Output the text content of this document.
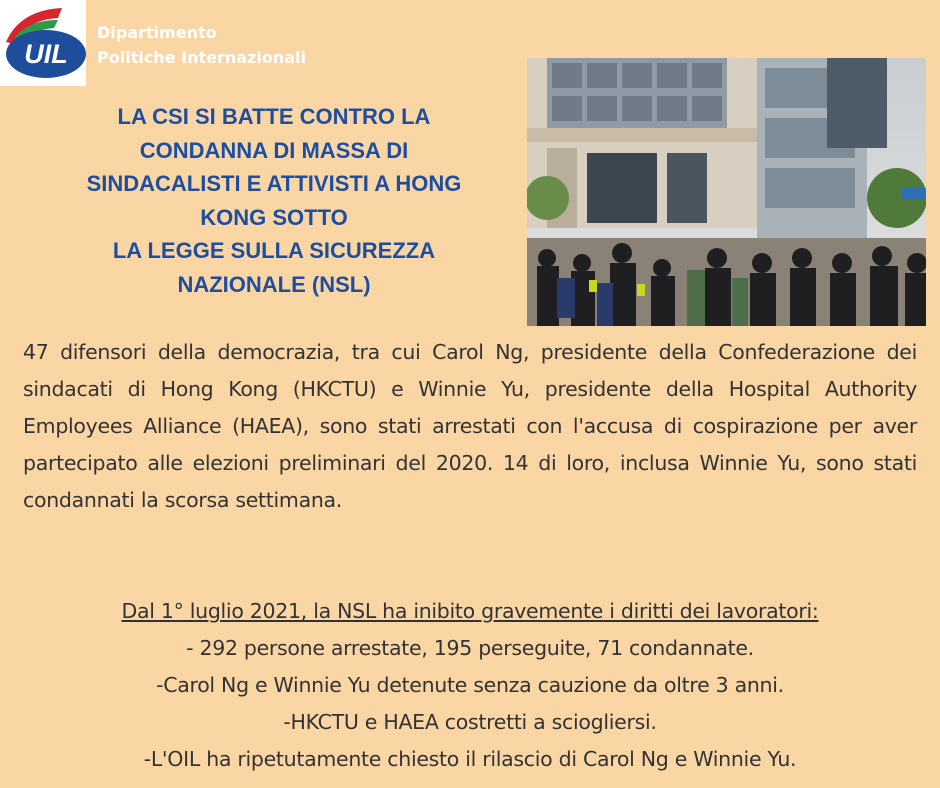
UIL
Dipartimento
Politiche Internazionali
LA CSI SI BATTE CONTRO LA
CONDANNA DI MASSA DI
SINDACALISTI E ATTIVISTI A HONG
KONG SOTTO
LA LEGGE SULLA SICUREZZA
NAZIONALE (NSL)
47 difensori della democrazia, tra cui Carol Ng, presidente della Confederazione dei sindacati di Hong Kong (HKCTU) e Winnie Yu, presidente della Hospital Authority Employees Alliance (HAEA), sono stati arrestati con l'accusa di cospirazione per aver partecipato alle elezioni preliminari del 2020. 14 di loro, inclusa Winnie Yu, sono stati condannati la scorsa settimana.
Dal 1° luglio 2021, la NSL ha inibito gravemente i diritti dei lavoratori:
- 292 persone arrestate, 195 perseguite, 71 condannate.
-Carol Ng e Winnie Yu detenute senza cauzione da oltre 3 anni.
-HKCTU e HAEA costretti a sciogliersi.
-L'OIL ha ripetutamente chiesto il rilascio di Carol Ng e Winnie Yu.
